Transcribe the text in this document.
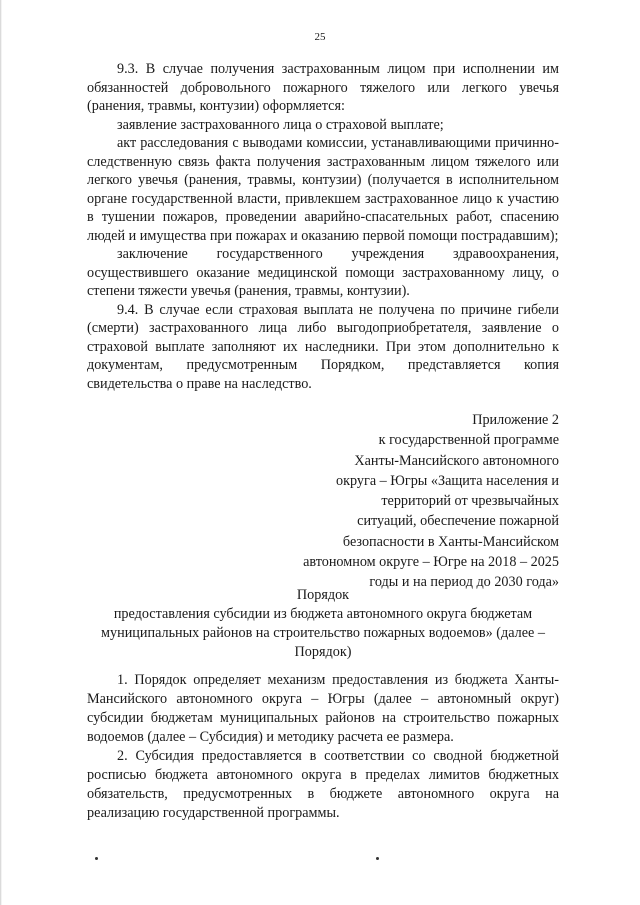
25

9.3. В случае получения застрахованным лицом при исполнении им обязанностей добровольного пожарного тяжелого или легкого увечья (ранения, травмы, контузии) оформляется:

заявление застрахованного лица о страховой выплате;

акт расследования с выводами комиссии, устанавливающими причинно-следственную связь факта получения застрахованным лицом тяжелого или легкого увечья (ранения, травмы, контузии) (получается в исполнительном органе государственной власти, привлекшем застрахованное лицо к участию в тушении пожаров, проведении аварийно-спасательных работ, спасению людей и имущества при пожарах и оказанию первой помощи пострадавшим);

заключение государственного учреждения здравоохранения, осуществившего оказание медицинской помощи застрахованному лицу, о степени тяжести увечья (ранения, травмы, контузии).

9.4. В случае если страховая выплата не получена по причине гибели (смерти) застрахованного лица либо выгодоприобретателя, заявление о страховой выплате заполняют их наследники. При этом дополнительно к документам, предусмотренным Порядком, представляется копия свидетельства о праве на наследство.

Приложение 2
к государственной программе
Ханты-Мансийского автономного
округа – Югры «Защита населения и
территорий от чрезвычайных
ситуаций, обеспечение пожарной
безопасности в Ханты-Мансийском
автономном округе – Югре на 2018 – 2025
годы и на период до 2030 года»
Порядок
предоставления субсидии из бюджета автономного округа бюджетам
муниципальных районов на строительство пожарных водоемов» (далее –
Порядок)

1. Порядок определяет механизм предоставления из бюджета Ханты-Мансийского автономного округа – Югры (далее – автономный округ) субсидии бюджетам муниципальных районов на строительство пожарных водоемов (далее – Субсидия) и методику расчета ее размера.

2. Субсидия предоставляется в соответствии со сводной бюджетной росписью бюджета автономного округа в пределах лимитов бюджетных обязательств, предусмотренных в бюджете автономного округа на реализацию государственной программы.
